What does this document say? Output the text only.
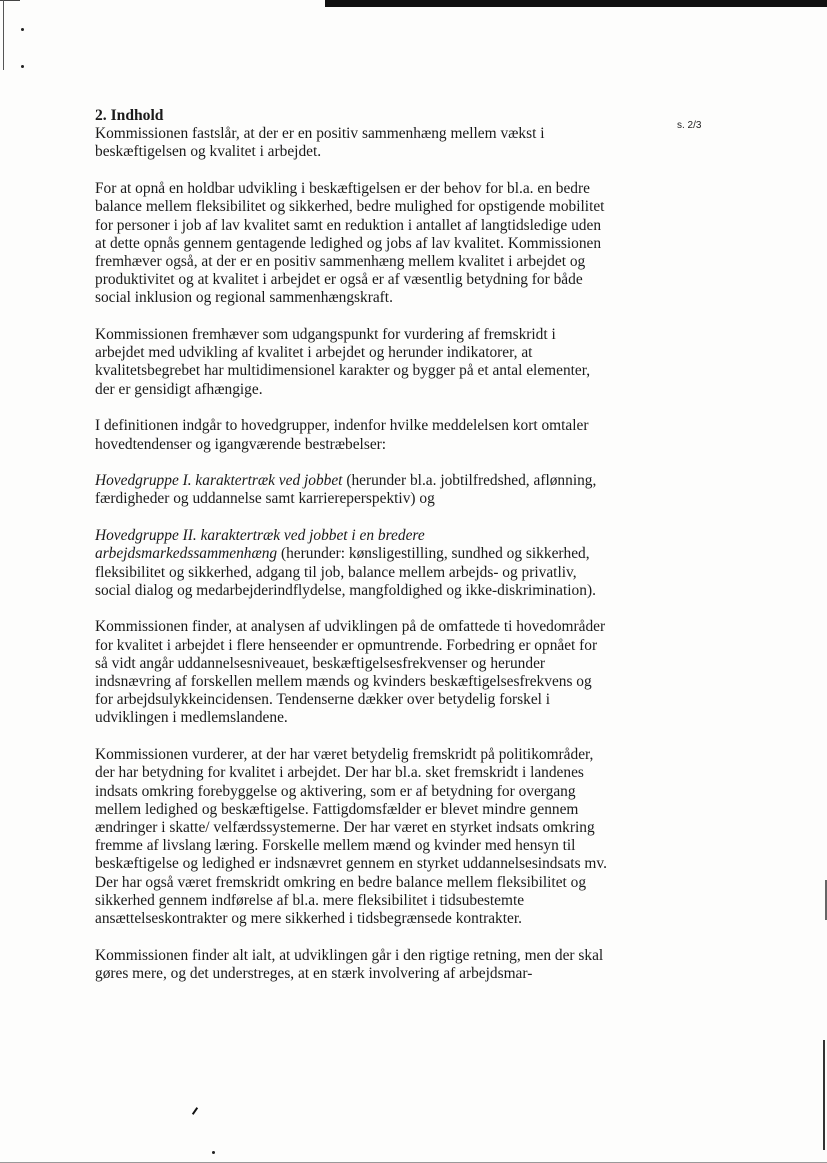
s. 2/3

2. Indhold

Kommissionen fastslår, at der er en positiv sammenhæng mellem vækst i beskæftigelsen og kvalitet i arbejdet.

For at opnå en holdbar udvikling i beskæftigelsen er der behov for bl.a. en bedre balance mellem fleksibilitet og sikkerhed, bedre mulighed for opstigende mobilitet for personer i job af lav kvalitet samt en reduktion i antallet af langtidsledige uden at dette opnås gennem gentagende ledighed og jobs af lav kvalitet. Kommissionen fremhæver også, at der er en positiv sammenhæng mellem kvalitet i arbejdet og produktivitet og at kvalitet i arbejdet er også er af væsentlig betydning for både social inklusion og regional sammenhængskraft.

Kommissionen fremhæver som udgangspunkt for vurdering af fremskridt i arbejdet med udvikling af kvalitet i arbejdet og herunder indikatorer, at kvalitetsbegrebet har multidimensionel karakter og bygger på et antal elementer, der er gensidigt afhængige.

I definitionen indgår to hovedgrupper, indenfor hvilke meddelelsen kort omtaler hovedtendenser og igangværende bestræbelser:

Hovedgruppe I. karaktertræk ved jobbet (herunder bl.a. jobtilfredshed, aflønning, færdigheder og uddannelse samt karriereperspektiv) og

Hovedgruppe II. karaktertræk ved jobbet i en bredere arbejdsmarkedssammenhæng (herunder: kønsligestilling, sundhed og sikkerhed, fleksibilitet og sikkerhed, adgang til job, balance mellem arbejds- og privatliv, social dialog og medarbejderindflydelse, mangfoldighed og ikke-diskrimination).

Kommissionen finder, at analysen af udviklingen på de omfattede ti hovedområder for kvalitet i arbejdet i flere henseender er opmuntrende. Forbedring er opnået for så vidt angår uddannelsesniveauet, beskæftigelsesfrekvenser og herunder indsnævring af forskellen mellem mænds og kvinders beskæftigelsesfrekvens og for arbejdsulykkeincidensen. Tendenserne dækker over betydelig forskel i udviklingen i medlemslandene.

Kommissionen vurderer, at der har været betydelig fremskridt på politikområder, der har betydning for kvalitet i arbejdet. Der har bl.a. sket fremskridt i landenes indsats omkring forebyggelse og aktivering, som er af betydning for overgang mellem ledighed og beskæftigelse. Fattigdomsfælder er blevet mindre gennem ændringer i skatte/ velfærdssystemerne. Der har været en styrket indsats omkring fremme af livslang læring. Forskelle mellem mænd og kvinder med hensyn til beskæftigelse og ledighed er indsnævret gennem en styrket uddannelsesindsats mv. Der har også været fremskridt omkring en bedre balance mellem fleksibilitet og sikkerhed gennem indførelse af bl.a. mere fleksibilitet i tidsubestemte ansættelseskontrakter og mere sikkerhed i tidsbegrænsede kontrakter.

Kommissionen finder alt ialt, at udviklingen går i den rigtige retning, men der skal gøres mere, og det understreges, at en stærk involvering af arbejdsmar-
